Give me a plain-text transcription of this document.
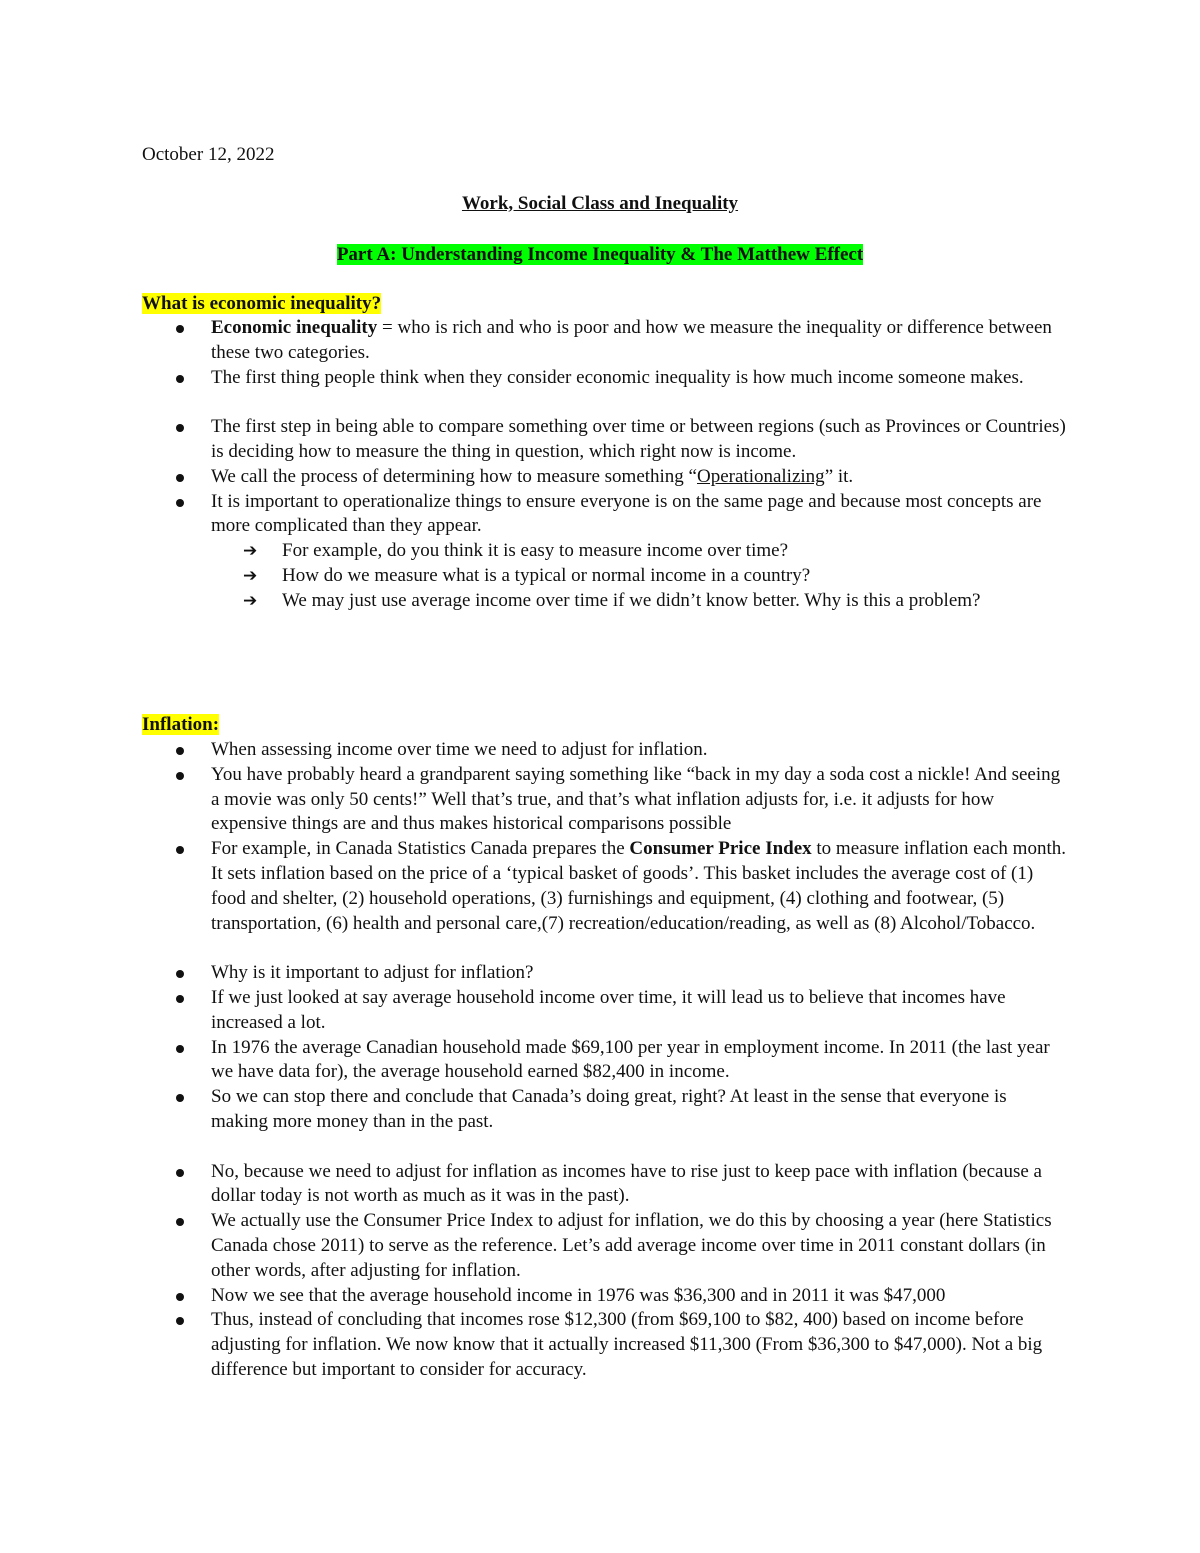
October 12, 2022

Work, Social Class and Inequality

Part A: Understanding Income Inequality & The Matthew Effect

What is economic inequality?

Economic inequality = who is rich and who is poor and how we measure the inequality or difference between these two categories.
The first thing people think when they consider economic inequality is how much income someone makes.
The first step in being able to compare something over time or between regions (such as Provinces or Countries) is deciding how to measure the thing in question, which right now is income.
We call the process of determining how to measure something “Operationalizing” it.
It is important to operationalize things to ensure everyone is on the same page and because most concepts are more complicated than they appear.
➔	For example, do you think it is easy to measure income over time?
➔	How do we measure what is a typical or normal income in a country?
➔	We may just use average income over time if we didn’t know better. Why is this a problem?

Inflation:

When assessing income over time we need to adjust for inflation.
You have probably heard a grandparent saying something like “back in my day a soda cost a nickle! And seeing a movie was only 50 cents!” Well that’s true, and that’s what inflation adjusts for, i.e. it adjusts for how expensive things are and thus makes historical comparisons possible
For example, in Canada Statistics Canada prepares the Consumer Price Index to measure inflation each month. It sets inflation based on the price of a ‘typical basket of goods’. This basket includes the average cost of (1) food and shelter, (2) household operations, (3) furnishings and equipment, (4) clothing and footwear, (5) transportation, (6) health and personal care,(7) recreation/education/reading, as well as (8) Alcohol/Tobacco.
Why is it important to adjust for inflation?
If we just looked at say average household income over time, it will lead us to believe that incomes have increased a lot.
In 1976 the average Canadian household made $69,100 per year in employment income. In 2011 (the last year we have data for), the average household earned $82,400 in income.
So we can stop there and conclude that Canada’s doing great, right? At least in the sense that everyone is making more money than in the past.
No, because we need to adjust for inflation as incomes have to rise just to keep pace with inflation (because a dollar today is not worth as much as it was in the past).
We actually use the Consumer Price Index to adjust for inflation, we do this by choosing a year (here Statistics Canada chose 2011) to serve as the reference. Let’s add average income over time in 2011 constant dollars (in other words, after adjusting for inflation.
Now we see that the average household income in 1976 was $36,300 and in 2011 it was $47,000
Thus, instead of concluding that incomes rose $12,300 (from $69,100 to $82, 400) based on income before adjusting for inflation. We now know that it actually increased $11,300 (From $36,300 to $47,000). Not a big difference but important to consider for accuracy.
